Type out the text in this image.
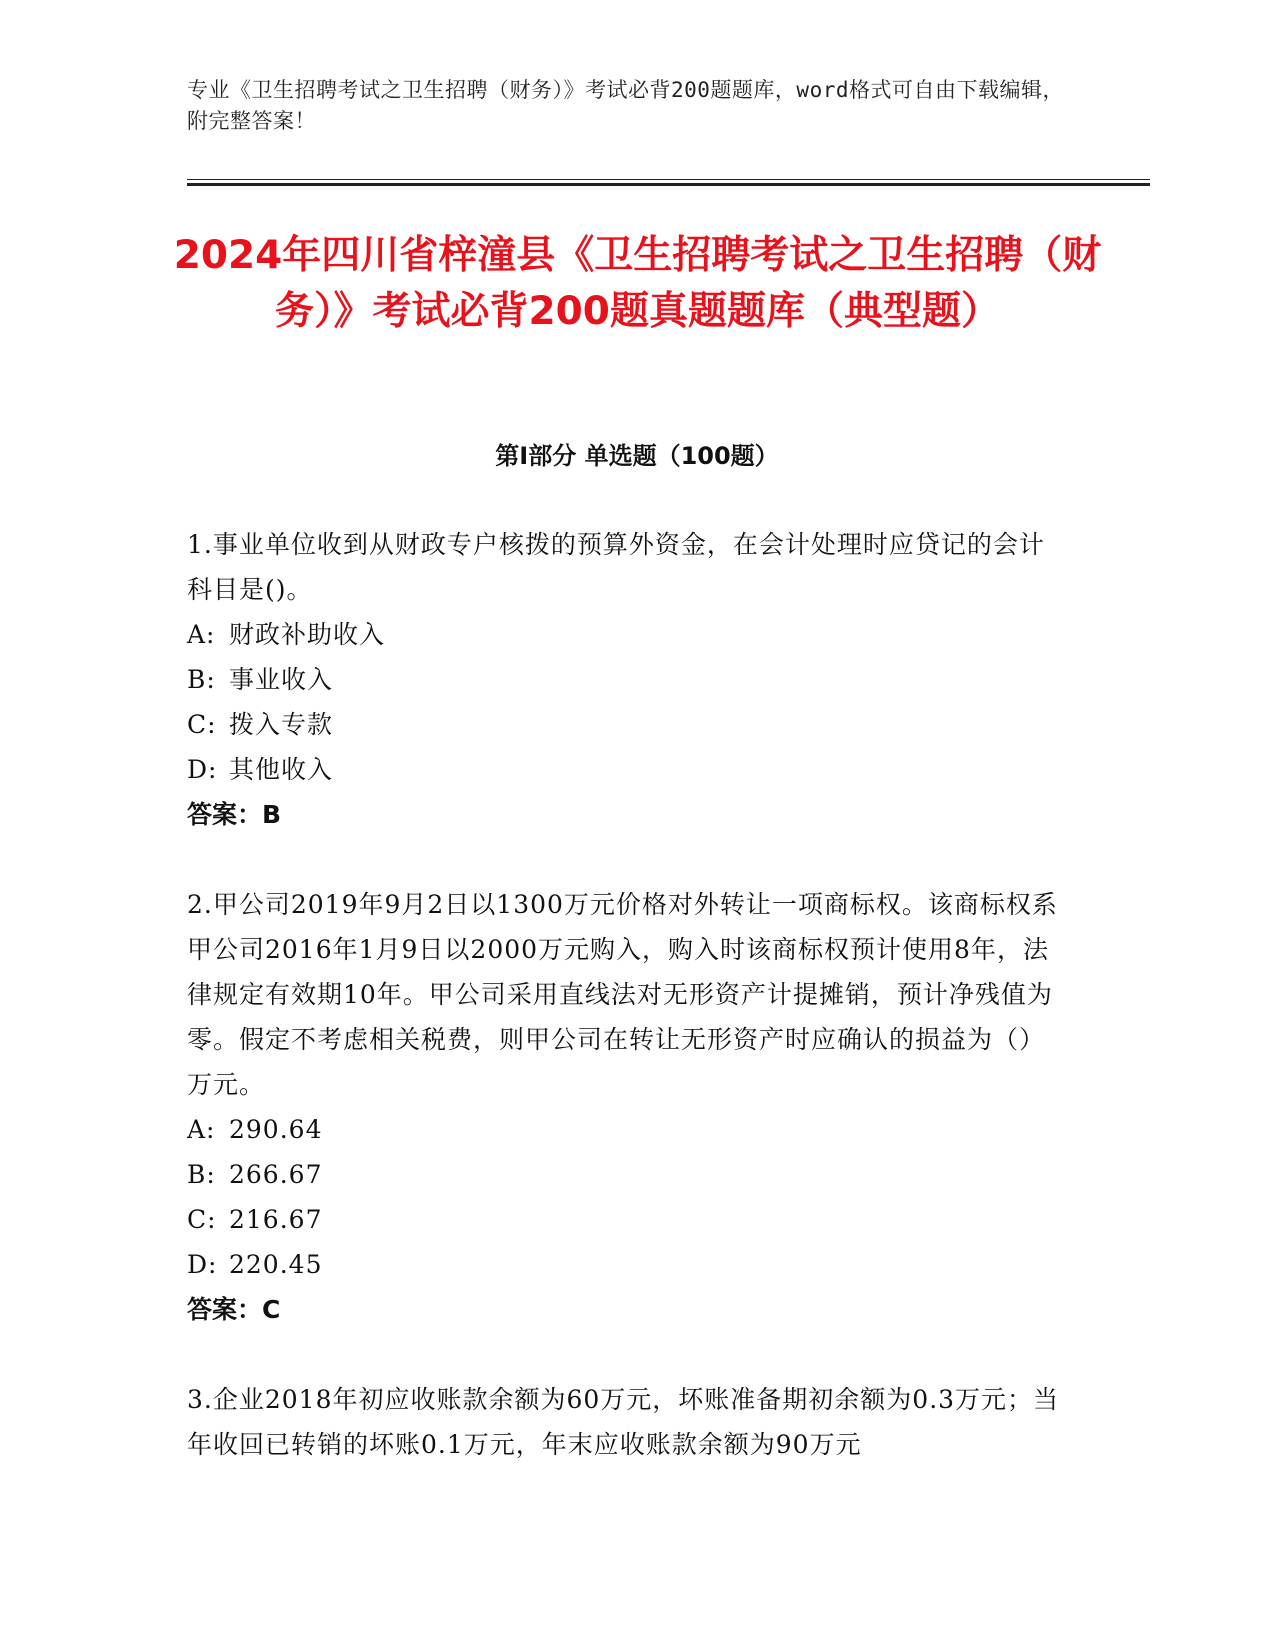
专业《卫生招聘考试之卫生招聘（财务）》考试必背200题题库，word格式可自由下载编辑，附完整答案！
2024年四川省梓潼县《卫生招聘考试之卫生招聘（财务）》考试必背200题真题题库（典型题）
第Ⅰ部分 单选题（100题）

1.事业单位收到从财政专户核拨的预算外资金，在会计处理时应贷记的会计科目是()。

A: 财政补助收入

B: 事业收入

C: 拨入专款

D: 其他收入

答案：B

2.甲公司2019年9月2日以1300万元价格对外转让一项商标权。该商标权系甲公司2016年1月9日以2000万元购入，购入时该商标权预计使用8年，法律规定有效期10年。甲公司采用直线法对无形资产计提摊销，预计净残值为零。假定不考虑相关税费，则甲公司在转让无形资产时应确认的损益为（）万元。

A: 290.64

B: 266.67

C: 216.67

D: 220.45

答案：C

3.企业2018年初应收账款余额为60万元，坏账准备期初余额为0.3万元；当年收回已转销的坏账0.1万元，年末应收账款余额为90万元
